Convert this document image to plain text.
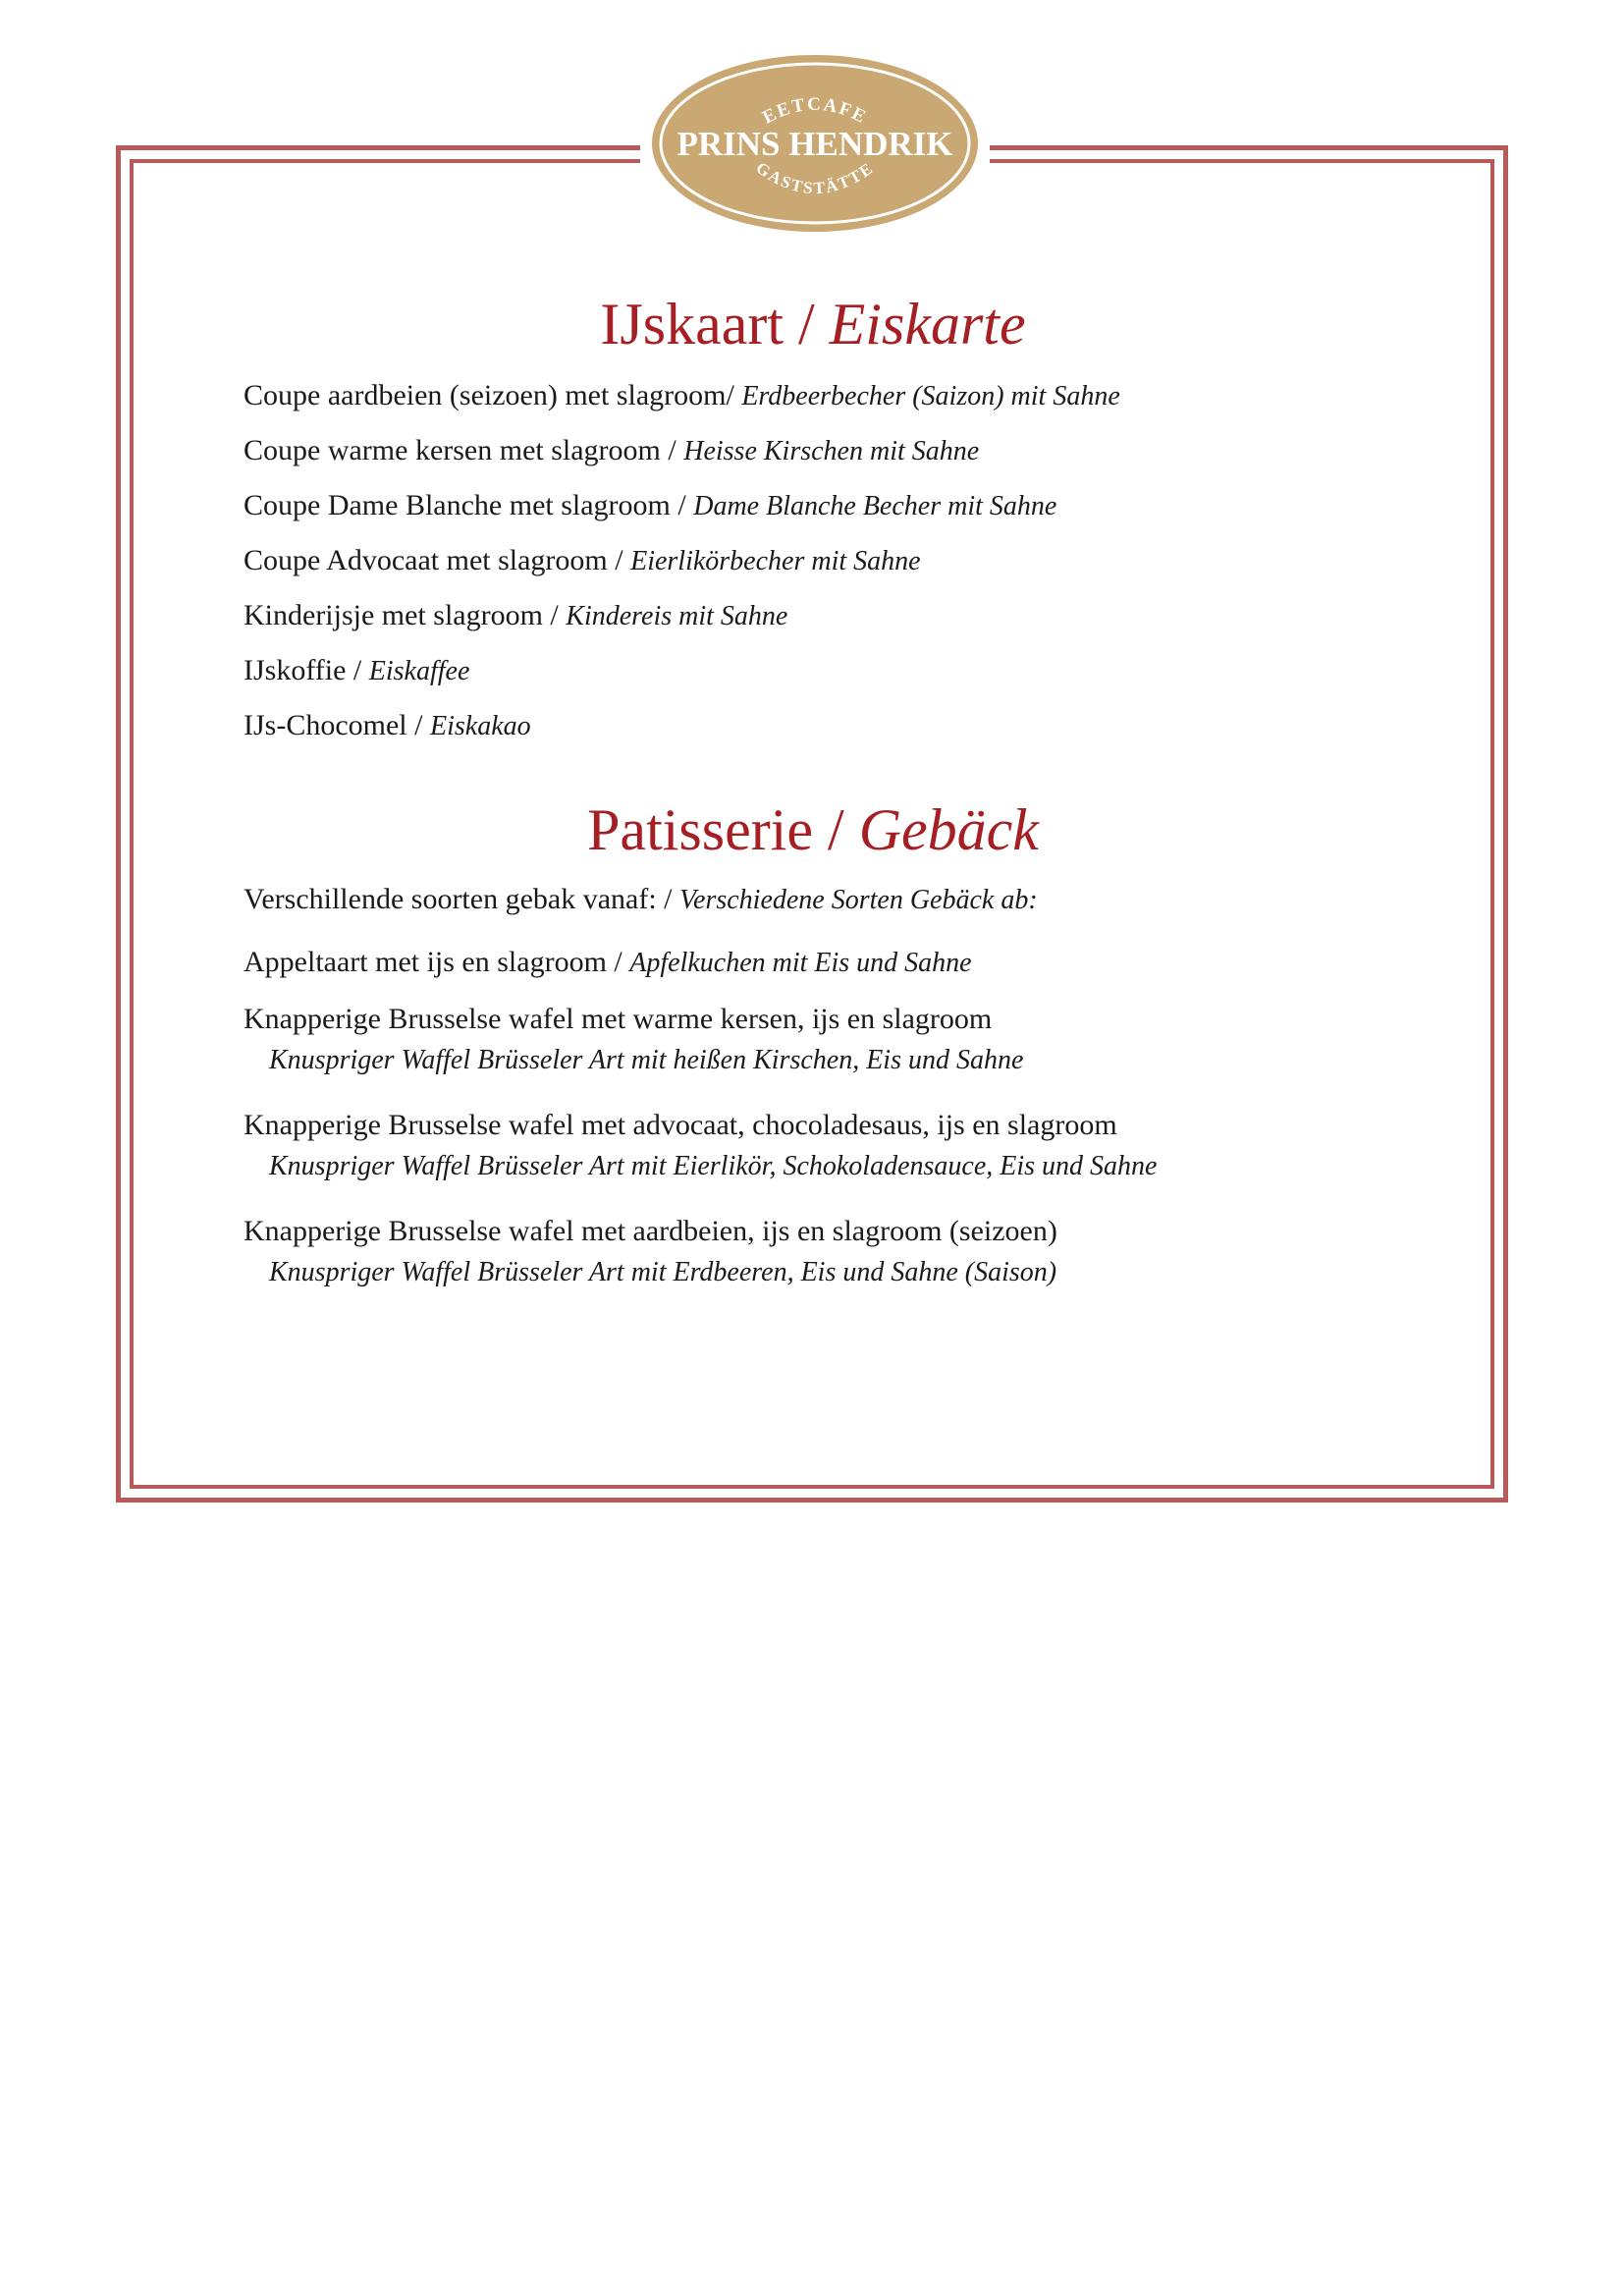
EETCAFE
PRINS HENDRIK
GASTSTÄTTE
IJskaart / Eiskarte
Coupe aardbeien (seizoen) met slagroom/ Erdbeerbecher (Saizon) mit Sahne
Coupe warme kersen met slagroom / Heisse Kirschen mit Sahne
Coupe Dame Blanche met slagroom / Dame Blanche Becher mit Sahne
Coupe Advocaat met slagroom / Eierlikörbecher mit Sahne
Kinderijsje met slagroom / Kindereis mit Sahne
IJskoffie / Eiskaffee
IJs-Chocomel / Eiskakao
Patisserie / Gebäck
Verschillende soorten gebak vanaf: / Verschiedene Sorten Gebäck ab:
Appeltaart met ijs en slagroom / Apfelkuchen mit Eis und Sahne
Knapperige Brusselse wafel met warme kersen, ijs en slagroom
Knuspriger Waffel Brüsseler Art mit heißen Kirschen, Eis und Sahne
Knapperige Brusselse wafel met advocaat, chocoladesaus, ijs en slagroom
Knuspriger Waffel Brüsseler Art mit Eierlikör, Schokoladensauce, Eis und Sahne
Knapperige Brusselse wafel met aardbeien, ijs en slagroom (seizoen)
Knuspriger Waffel Brüsseler Art mit Erdbeeren, Eis und Sahne (Saison)
